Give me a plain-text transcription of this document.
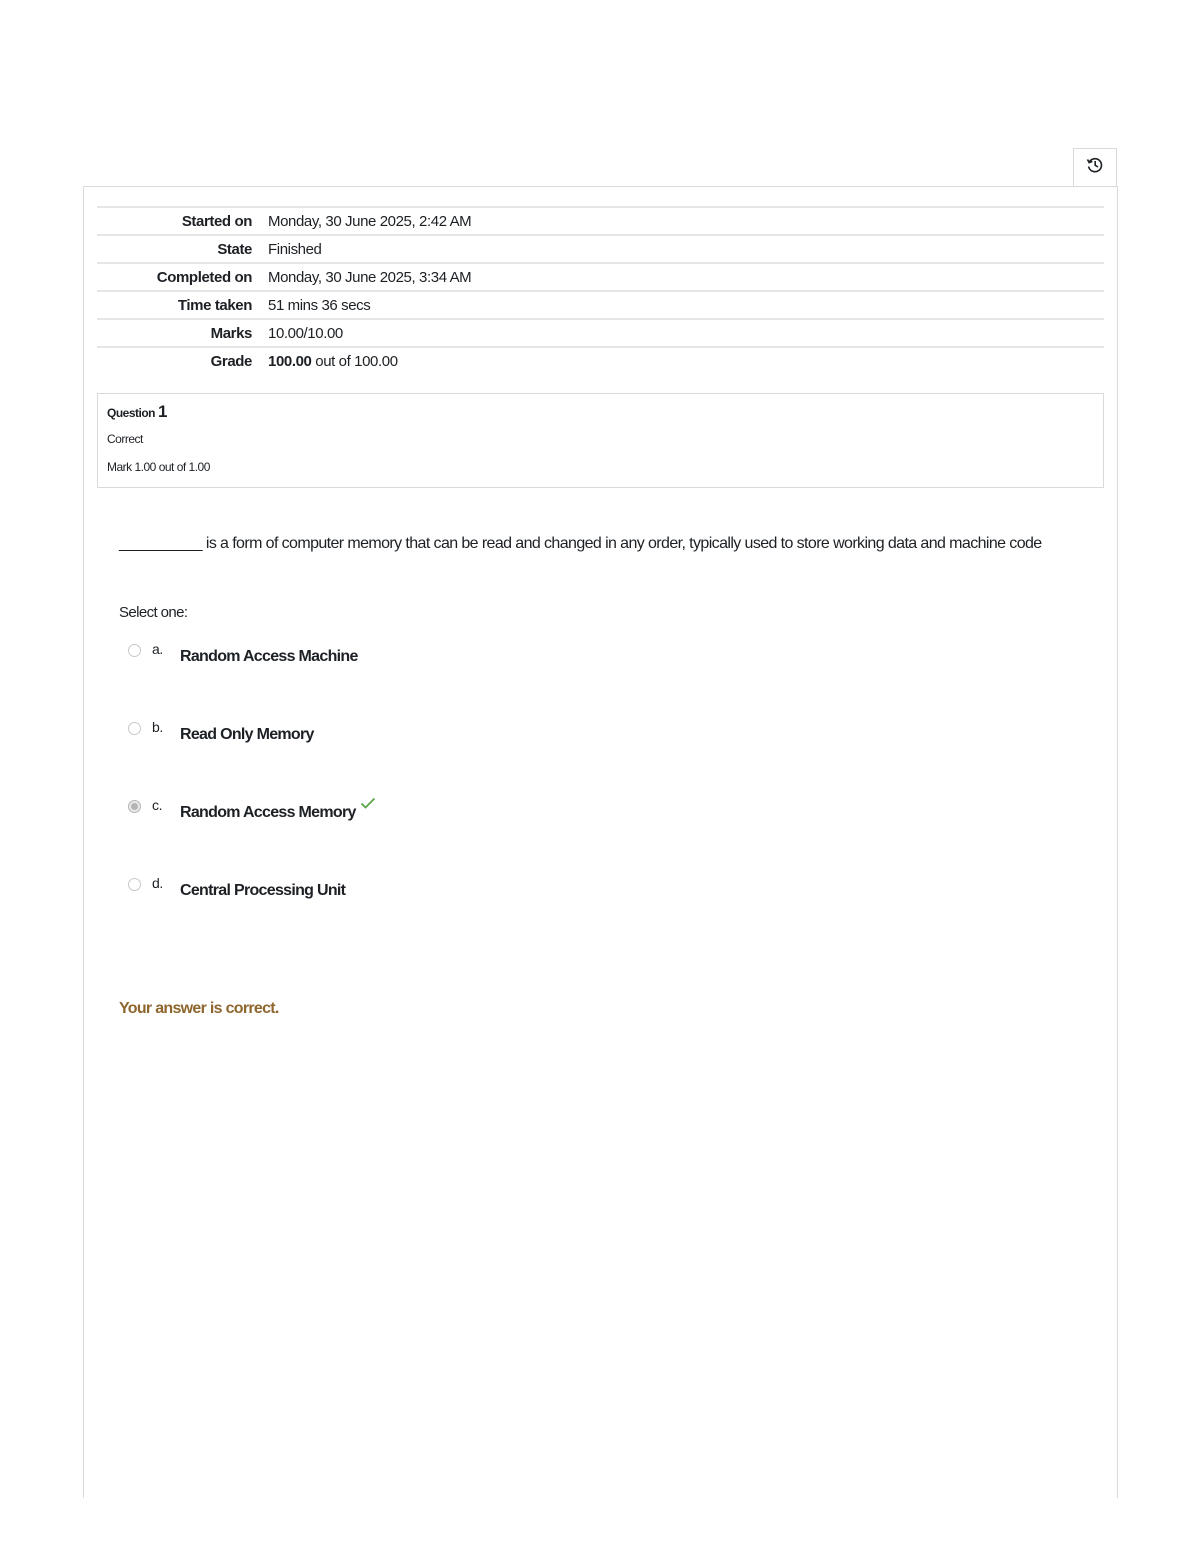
Started on	Monday, 30 June 2025, 2:42 AM
State	Finished
Completed on	Monday, 30 June 2025, 3:34 AM
Time taken	51 mins 36 secs
Marks	10.00/10.00
Grade	100.00 out of 100.00
Question 1
Correct
Mark 1.00 out of 1.00
__________ is a form of computer memory that can be read and changed in any order, typically used to store working data and machine code
Select one:
a. Random Access Machine
b. Read Only Memory
c. Random Access Memory
d. Central Processing Unit
Your answer is correct.
